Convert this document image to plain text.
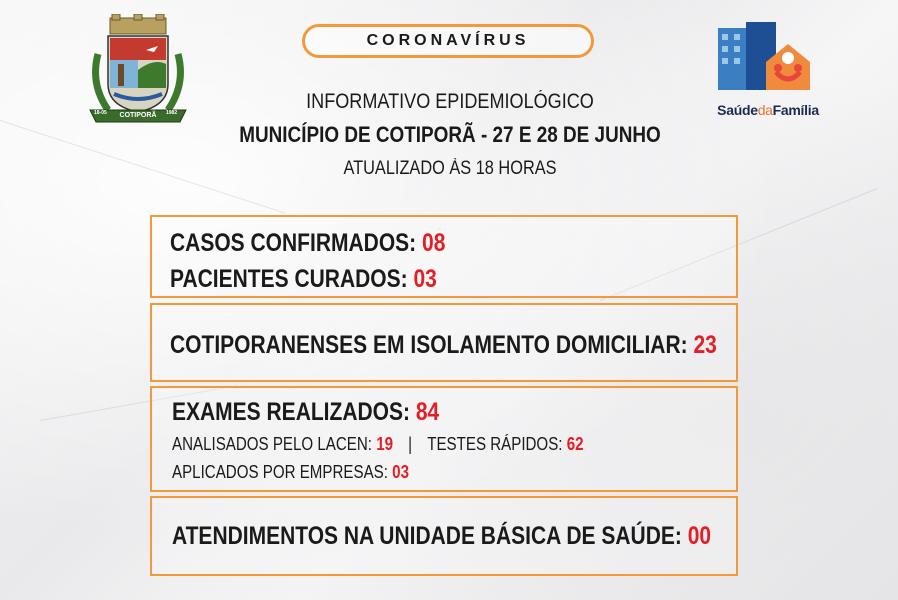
18-05 COTIPORÃ	1982	SaúdedaFamília
CORONAVÍRUS
INFORMATIVO EPIDEMIOLÓGICO
MUNICÍPIO DE COTIPORÃ - 27 E 28 DE JUNHO
ATUALIZADO ÀS 18 HORAS
CASOS CONFIRMADOS: 08
PACIENTES CURADOS: 03
COTIPORANENSES EM ISOLAMENTO DOMICILIAR: 23
EXAMES REALIZADOS: 84
ANALISADOS PELO LACEN: 19 | TESTES RÁPIDOS: 62
APLICADOS POR EMPRESAS: 03
ATENDIMENTOS NA UNIDADE BÁSICA DE SAÚDE: 00
